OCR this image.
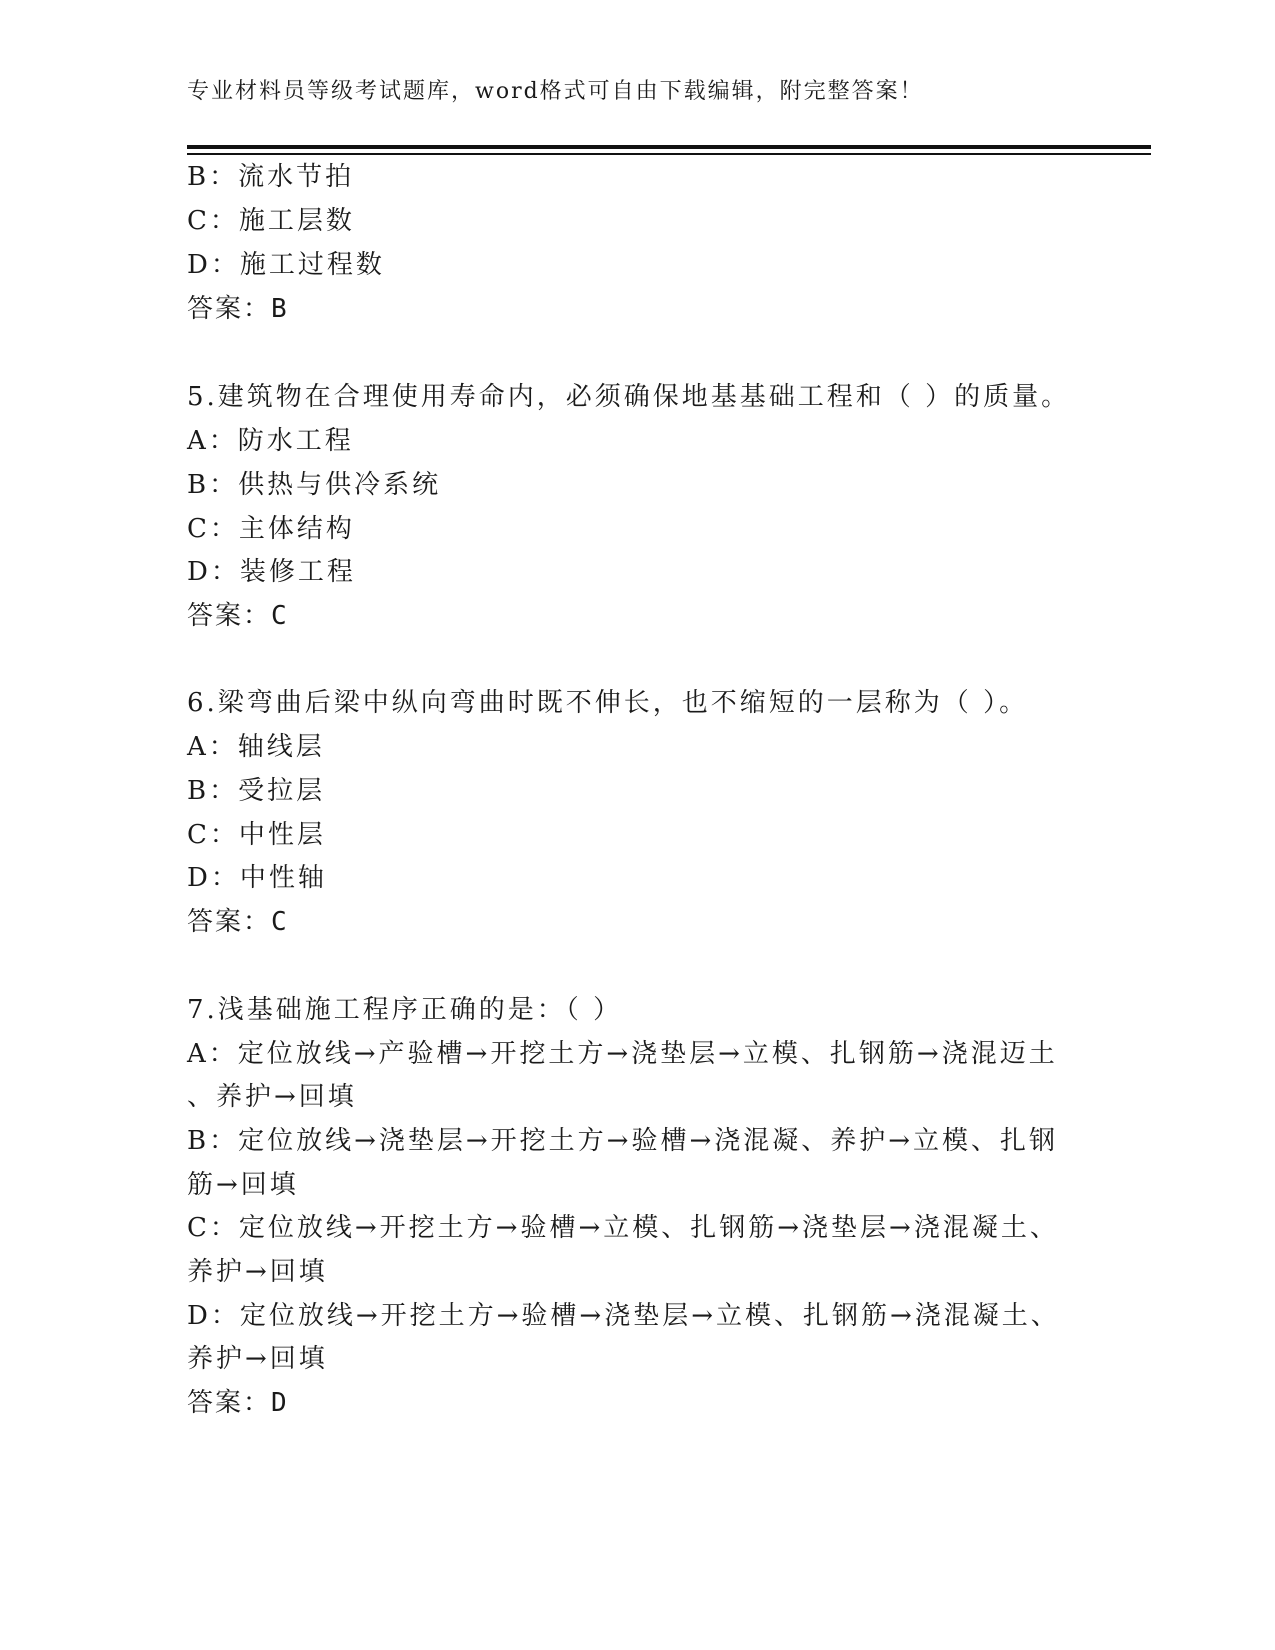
专业材料员等级考试题库，word格式可自由下载编辑，附完整答案！
B：流水节拍
C：施工层数
D：施工过程数
答案：B
5.建筑物在合理使用寿命内，必须确保地基基础工程和（ ）的质量。
A：防水工程
B：供热与供冷系统
C：主体结构
D：装修工程
答案：C
6.梁弯曲后梁中纵向弯曲时既不伸长，也不缩短的一层称为（ ）。
A：轴线层
B：受拉层
C：中性层
D：中性轴
答案：C
7.浅基础施工程序正确的是：（ ）
A：定位放线→产验槽→开挖土方→浇垫层→立模、扎钢筋→浇混迈土
、养护→回填
B：定位放线→浇垫层→开挖土方→验槽→浇混凝、养护→立模、扎钢
筋→回填
C：定位放线→开挖土方→验槽→立模、扎钢筋→浇垫层→浇混凝土、
养护→回填
D：定位放线→开挖土方→验槽→浇垫层→立模、扎钢筋→浇混凝土、
养护→回填
答案：D
